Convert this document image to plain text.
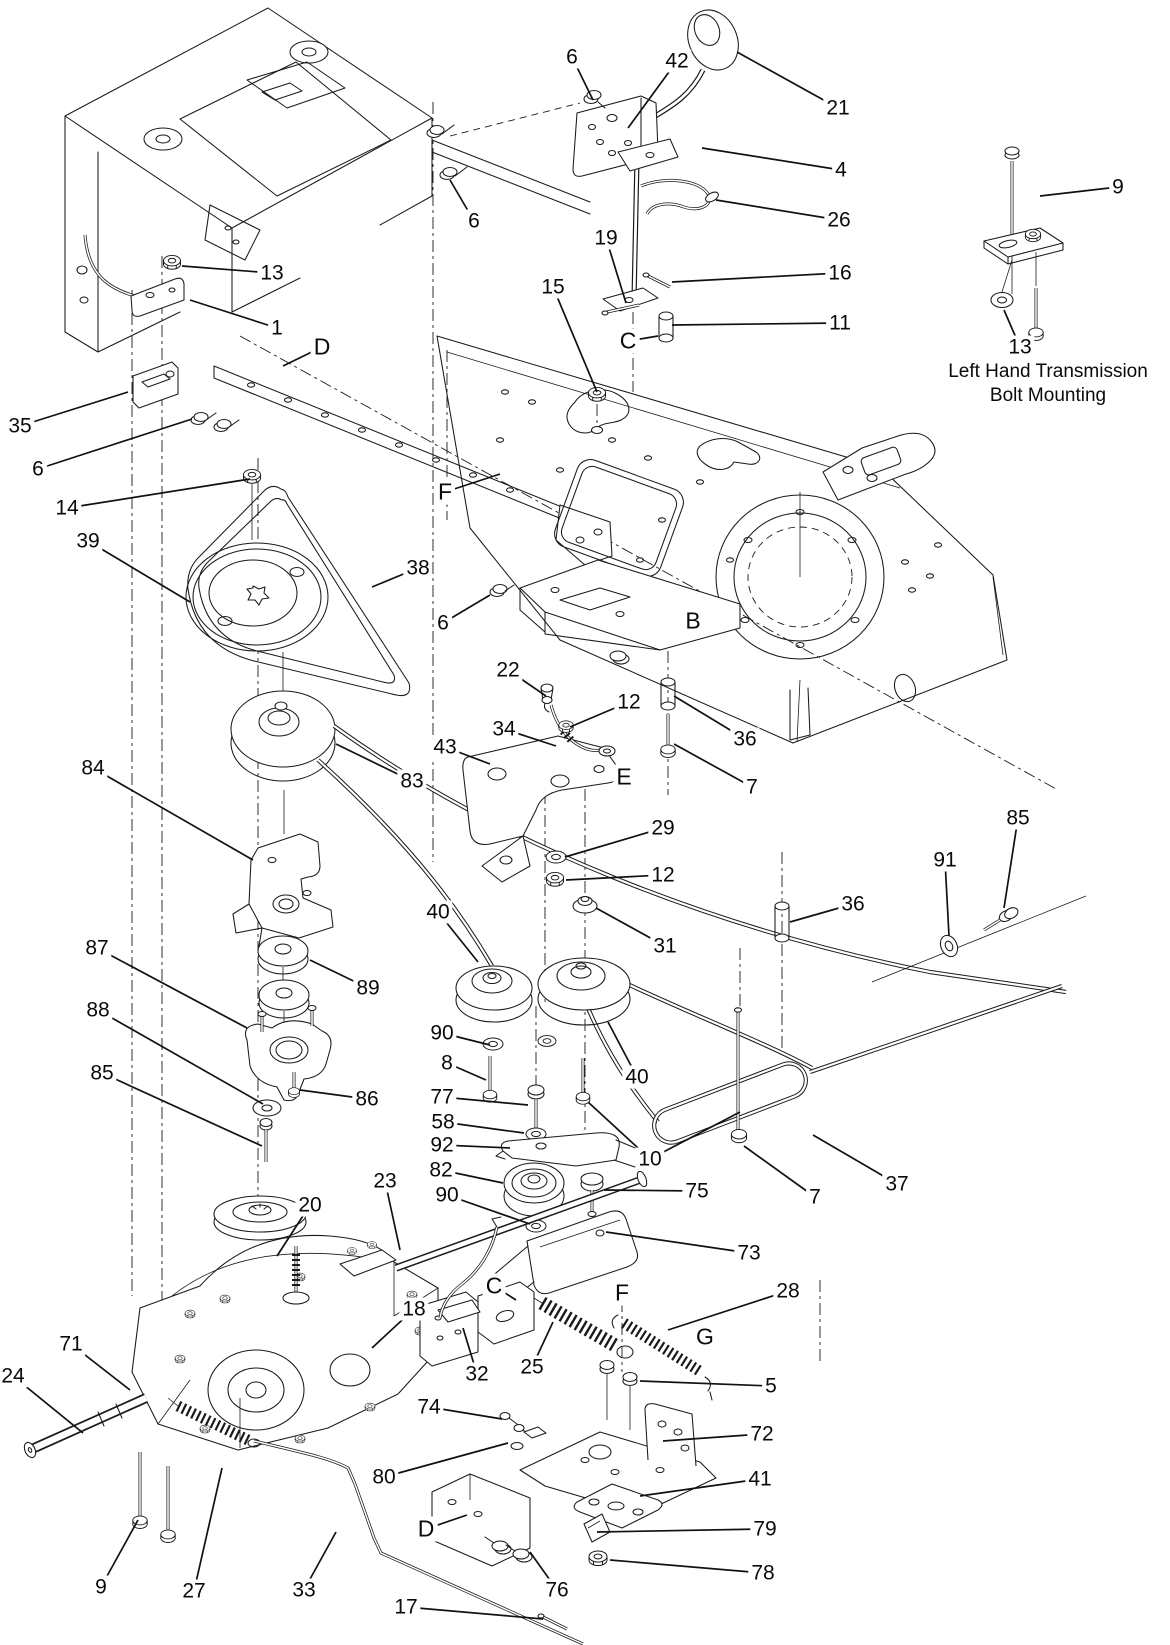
6	42
21
4
26
19
16
11
15
C
9
13
13
1
D
35
6
14
39
38
F
6
6	B
22
12
34
43
E
36
7
83
84
29
12
31
40
85
91
36
87
89
88
85
86
90
8
77
58
92
82
90
40
10
75
73
7
37
28
F
G
5
23
20
18
71
24	32 25
C
74
80
72
41
79
78
76
D
17
33
27
9
Left Hand Transmission
Bolt Mounting
